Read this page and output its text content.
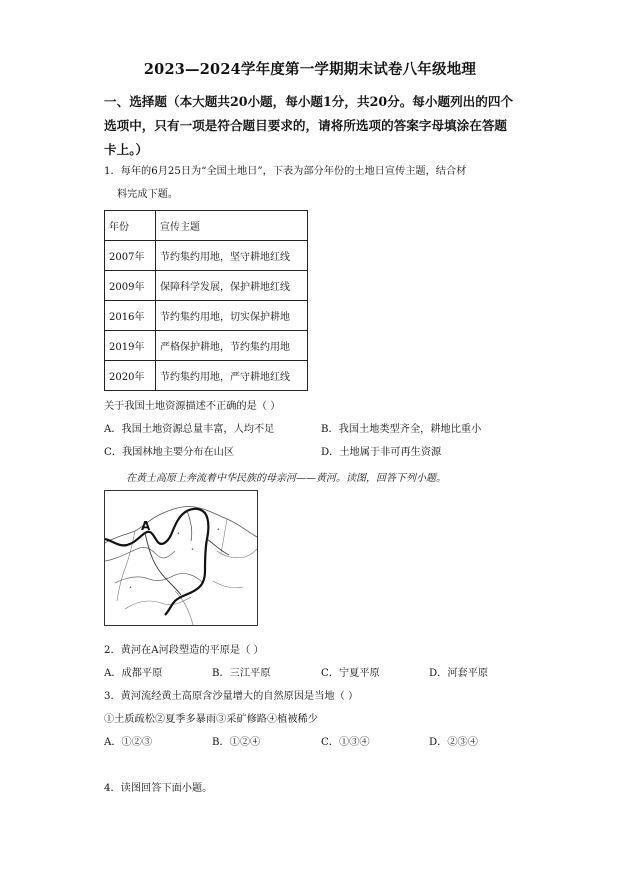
2023—2024学年度第一学期期末试卷八年级地理
一、选择题（本大题共20小题，每小题1分，共20分。每小题列出的四个
选项中，只有一项是符合题目要求的，请将所选项的答案字母填涂在答题
卡上。）
1．每年的6月25日为“全国土地日”，下表为部分年份的土地日宣传主题，结合材
料完成下题。
年份	宣传主题
2007年	节约集约用地，坚守耕地红线
2009年	保障科学发展，保护耕地红线
2016年	节约集约用地，切实保护耕地
2019年	严格保护耕地，节约集约用地
2020年	节约集约用地，严守耕地红线
关于我国土地资源描述不正确的是（ ）
A．我国土地资源总量丰富，人均不足	B．我国土地类型齐全，耕地比重小
C．我国林地主要分布在山区	D．土地属于非可再生资源
在黄土高原上奔流着中华民族的母亲河——黄河。读图，回答下列小题。
•
•
•
•
A
2．黄河在A河段塑造的平原是（ ）
A．成都平原	B．三江平原	C．宁夏平原	D．河套平原
3．黄河流经黄土高原含沙量增大的自然原因是当地（ ）
①土质疏松②夏季多暴雨③采矿修路④植被稀少
A．①②③	B．①②④	C．①③④	D．②③④
4．读图回答下面小题。
